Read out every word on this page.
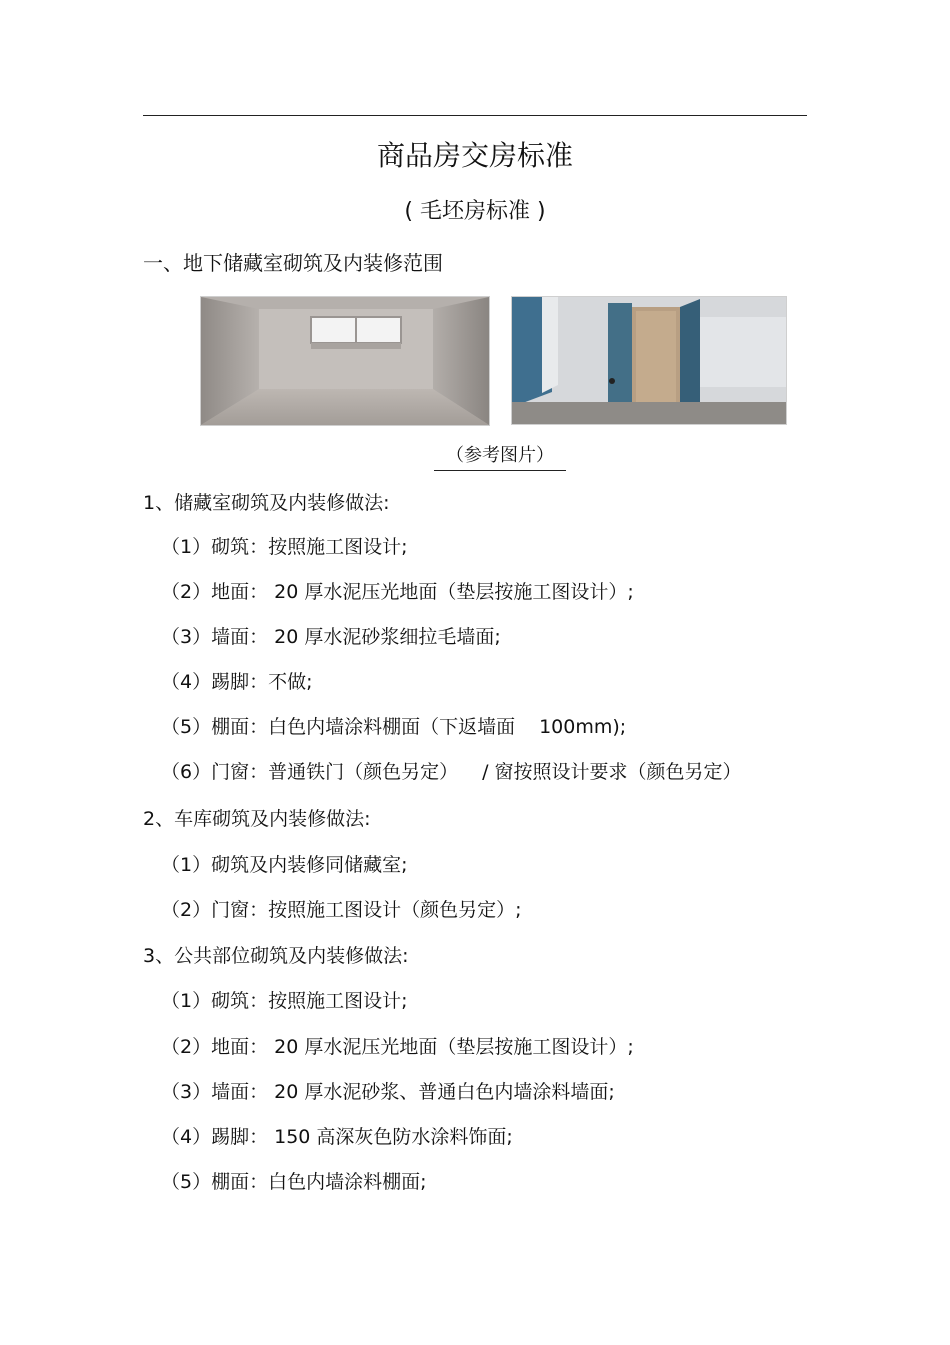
商品房交房标准
( 毛坯房标准 )
一、地下储藏室砌筑及内装修范围
（参考图片）
1、储藏室砌筑及内装修做法:
（1）砌筑：按照施工图设计;
（2）地面： 20 厚水泥压光地面（垫层按施工图设计）;
（3）墙面： 20 厚水泥砂浆细拉毛墙面;
（4）踢脚：不做;
（5）棚面：白色内墙涂料棚面（下返墙面 100mm);
（6）门窗：普通铁门（颜色另定） / 窗按照设计要求（颜色另定）
2、车库砌筑及内装修做法:
（1）砌筑及内装修同储藏室;
（2）门窗：按照施工图设计（颜色另定）;
3、公共部位砌筑及内装修做法:
（1）砌筑：按照施工图设计;
（2）地面： 20 厚水泥压光地面（垫层按施工图设计）;
（3）墙面： 20 厚水泥砂浆、普通白色内墙涂料墙面;
（4）踢脚： 150 高深灰色防水涂料饰面;
（5）棚面：白色内墙涂料棚面;
